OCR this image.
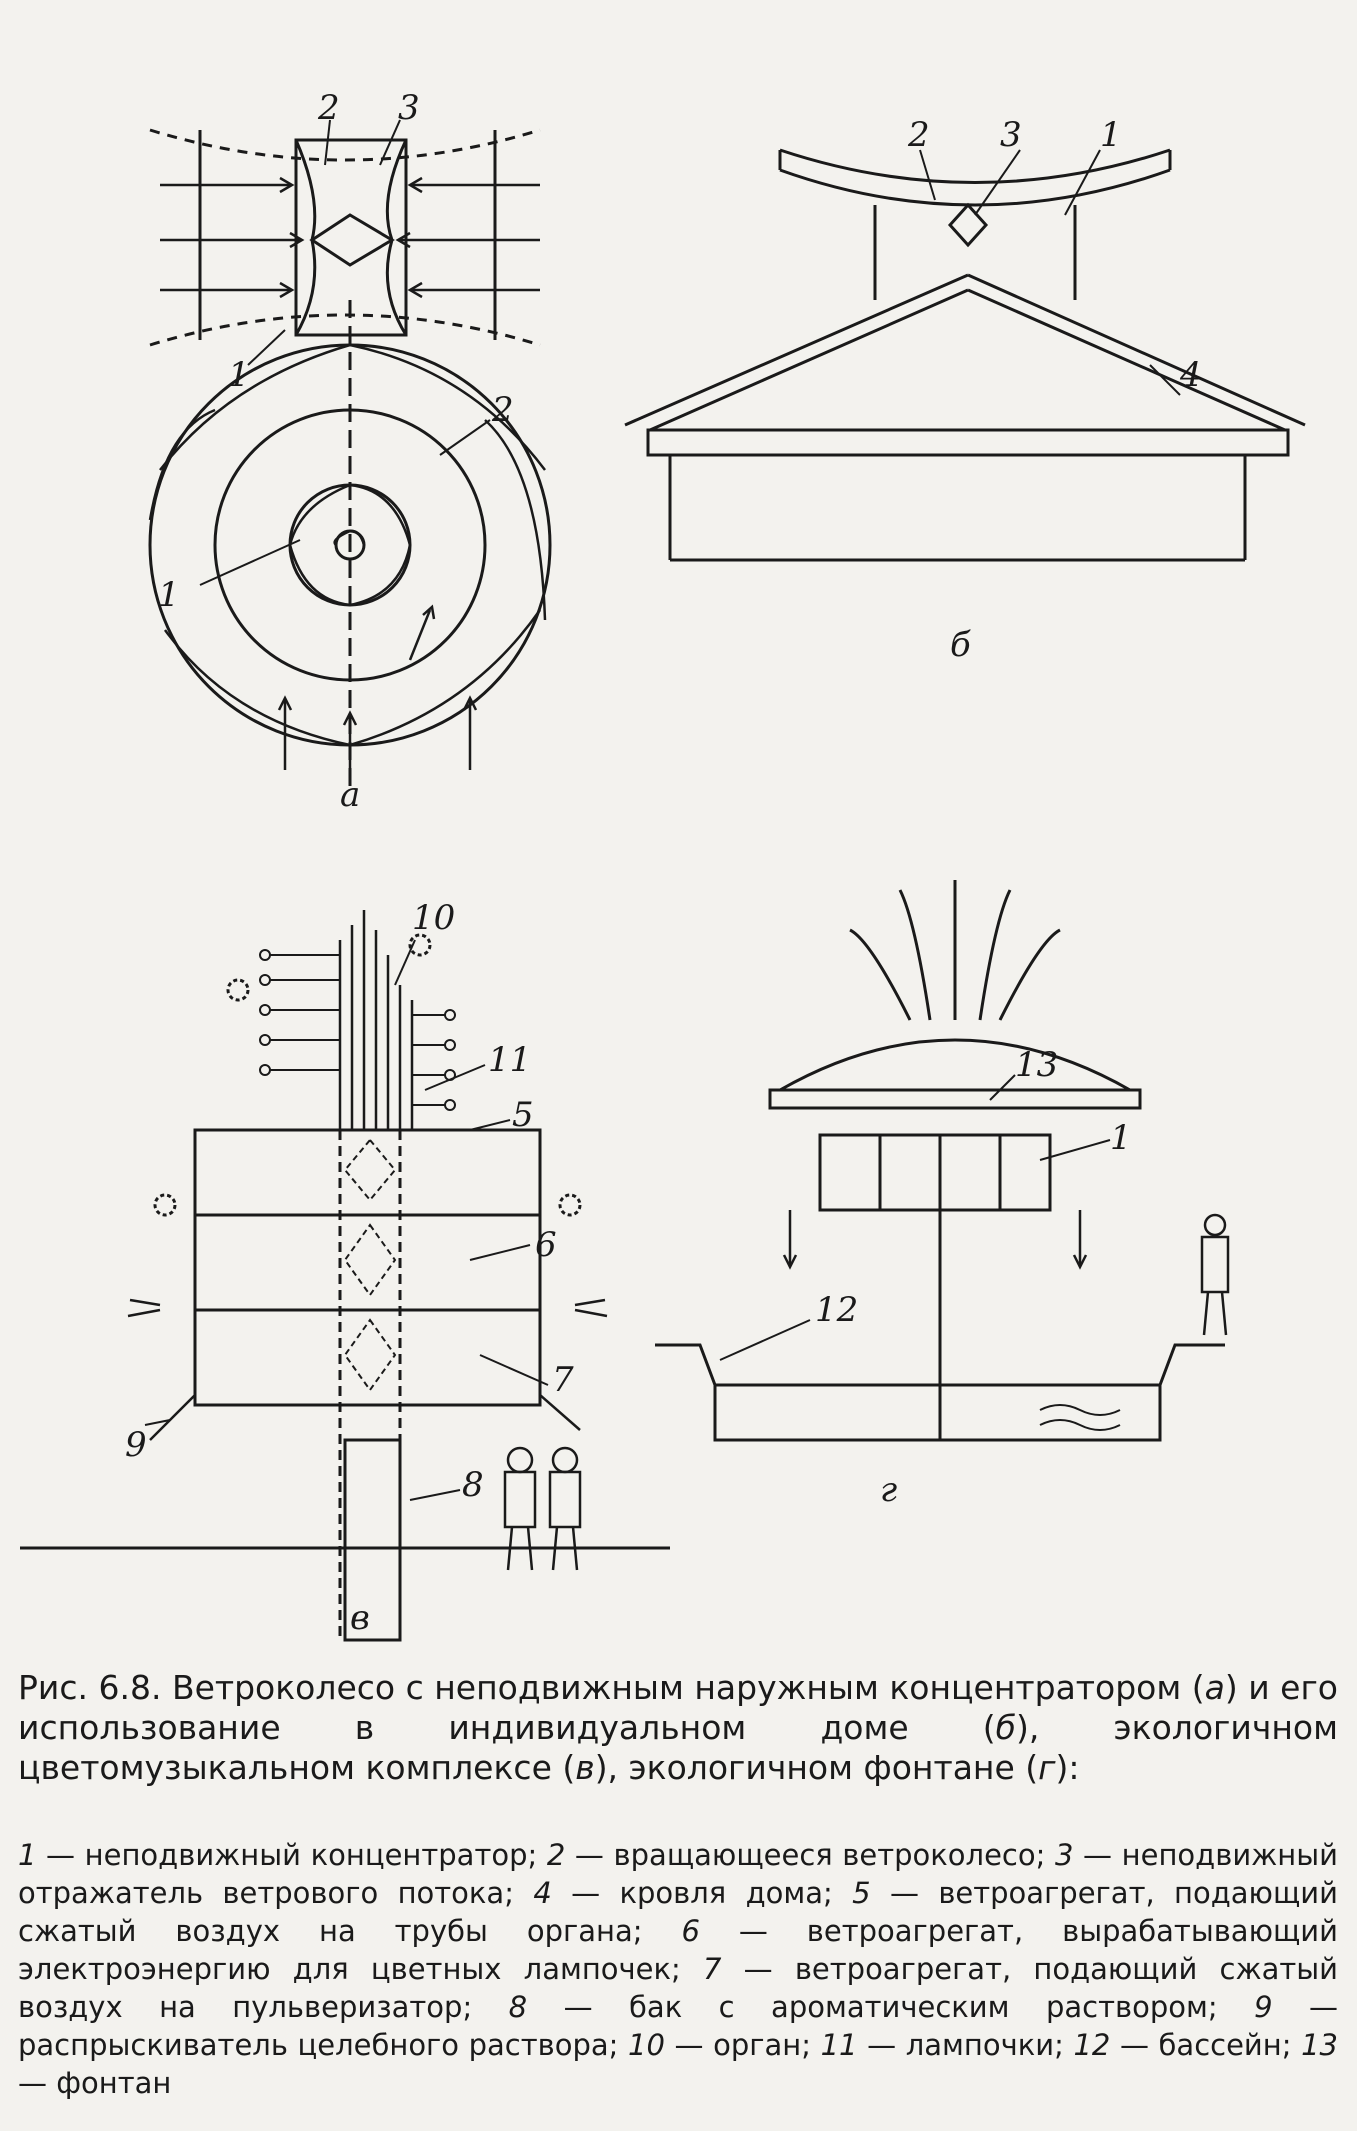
2 3
1
2
1
а
2 3 1
4
б
10
11
5
6
7
9
8
в
13
1
12
г
Рис. 6.8. Ветроколесо с неподвижным наружным концентратором (а) и его использование в индивидуальном доме (б), экологичном цветомузыкальном комплексе (в), экологичном фонтане (г):
1 — неподвижный концентратор; 2 — вращающееся ветроколесо; 3 — неподвижный отражатель ветрового потока; 4 — кровля дома; 5 — ветроагрегат, подающий сжатый воздух на трубы органа; 6 — ветроагрегат, вырабатывающий электроэнергию для цветных лампочек; 7 — ветроагрегат, подающий сжатый воздух на пульверизатор; 8 — бак с ароматическим раствором; 9 — распрыскиватель целебного раствора; 10 — орган; 11 — лампочки; 12 — бассейн; 13 — фонтан
